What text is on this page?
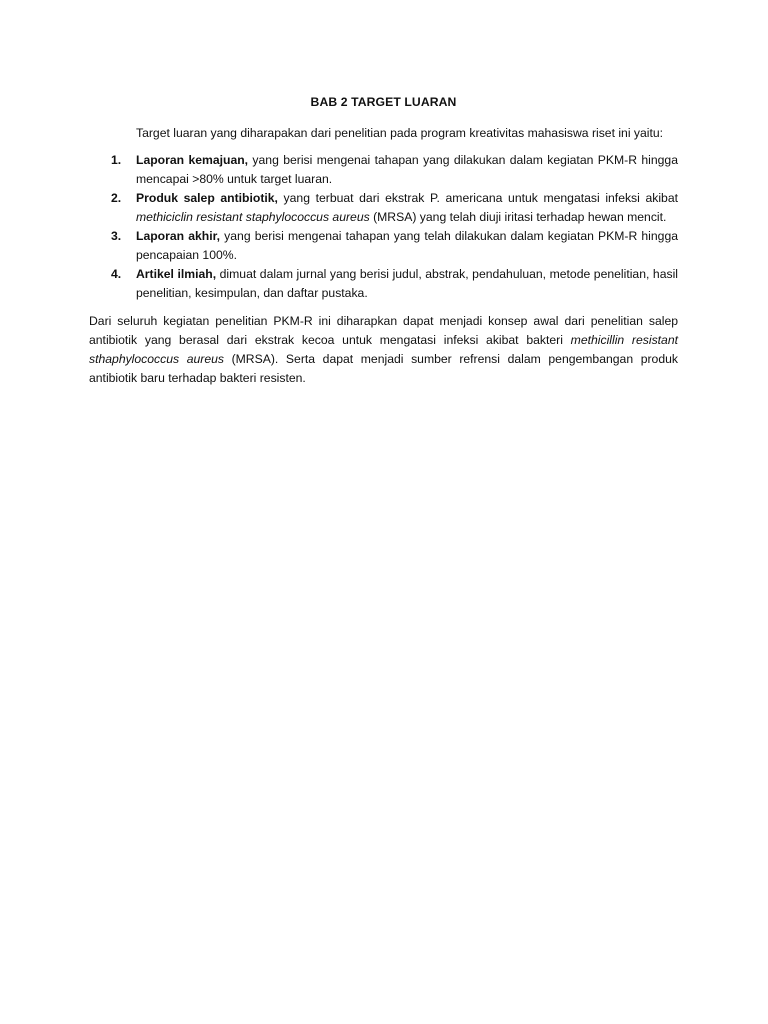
BAB 2 TARGET LUARAN

Target luaran yang diharapakan dari penelitian pada program kreativitas mahasiswa riset ini yaitu:

1. Laporan kemajuan, yang berisi mengenai tahapan yang dilakukan dalam kegiatan PKM-R hingga mencapai >80% untuk target luaran.
2. Produk salep antibiotik, yang terbuat dari ekstrak P. americana untuk mengatasi infeksi akibat methiciclin resistant staphylococcus aureus (MRSA) yang telah diuji iritasi terhadap hewan mencit.
3. Laporan akhir, yang berisi mengenai tahapan yang telah dilakukan dalam kegiatan PKM-R hingga pencapaian 100%.
4. Artikel ilmiah, dimuat dalam jurnal yang berisi judul, abstrak, pendahuluan, metode penelitian, hasil penelitian, kesimpulan, dan daftar pustaka.

Dari seluruh kegiatan penelitian PKM-R ini diharapkan dapat menjadi konsep awal dari penelitian salep antibiotik yang berasal dari ekstrak kecoa untuk mengatasi infeksi akibat bakteri methicillin resistant sthaphylococcus aureus (MRSA). Serta dapat menjadi sumber refrensi dalam pengembangan produk antibiotik baru terhadap bakteri resisten.
